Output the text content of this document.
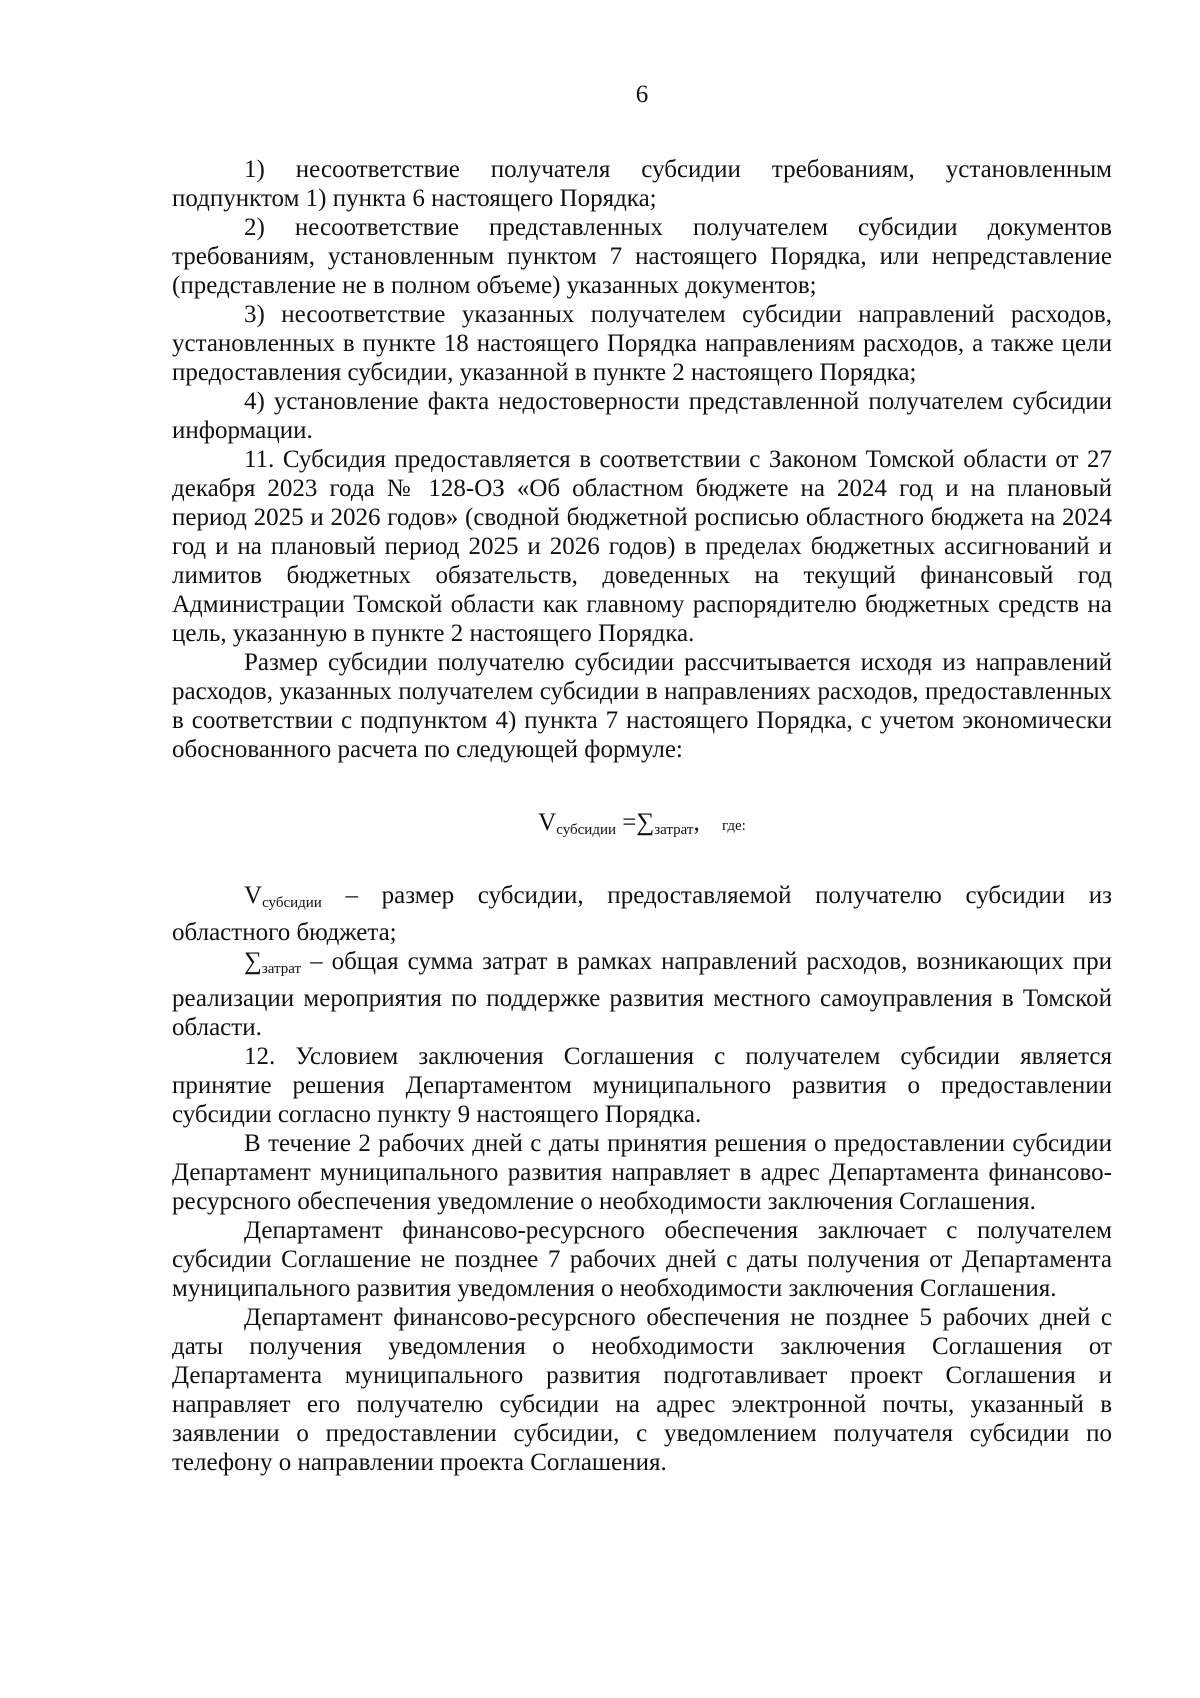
6

1) несоответствие получателя субсидии требованиям, установленным подпунктом 1) пункта 6 настоящего Порядка;

2) несоответствие представленных получателем субсидии документов требованиям, установленным пунктом 7 настоящего Порядка, или непредставление (представление не в полном объеме) указанных документов;

3) несоответствие указанных получателем субсидии направлений расходов, установленных в пункте 18 настоящего Порядка направлениям расходов, а также цели предоставления субсидии, указанной в пункте 2 настоящего Порядка;

4) установление факта недостоверности представленной получателем субсидии информации.

11. Субсидия предоставляется в соответствии с Законом Томской области от 27 декабря 2023 года № 128-ОЗ «Об областном бюджете на 2024 год и на плановый период 2025 и 2026 годов» (сводной бюджетной росписью областного бюджета на 2024 год и на плановый период 2025 и 2026 годов) в пределах бюджетных ассигнований и лимитов бюджетных обязательств, доведенных на текущий финансовый год Администрации Томской области как главному распорядителю бюджетных средств на цель, указанную в пункте 2 настоящего Порядка.

Размер субсидии получателю субсидии рассчитывается исходя из направлений расходов, указанных получателем субсидии в направлениях расходов, предоставленных в соответствии с подпунктом 4) пункта 7 настоящего Порядка, с учетом экономически обоснованного расчета по следующей формуле:

$V_{субсидии} =\sum_{затрат}$, где:

$V_{субсидии}$ – размер субсидии, предоставляемой получателю субсидии из областного бюджета;

$\sum_{затрат}$ – общая сумма затрат в рамках направлений расходов, возникающих при реализации мероприятия по поддержке развития местного самоуправления в Томской области.

12. Условием заключения Соглашения с получателем субсидии является принятие решения Департаментом муниципального развития о предоставлении субсидии согласно пункту 9 настоящего Порядка.

В течение 2 рабочих дней с даты принятия решения о предоставлении субсидии Департамент муниципального развития направляет в адрес Департамента финансово-ресурсного обеспечения уведомление о необходимости заключения Соглашения.

Департамент финансово-ресурсного обеспечения заключает с получателем субсидии Соглашение не позднее 7 рабочих дней с даты получения от Департамента муниципального развития уведомления о необходимости заключения Соглашения.

Департамент финансово-ресурсного обеспечения не позднее 5 рабочих дней с даты получения уведомления о необходимости заключения Соглашения от Департамента муниципального развития подготавливает проект Соглашения и направляет его получателю субсидии на адрес электронной почты, указанный в заявлении о предоставлении субсидии, с уведомлением получателя субсидии по телефону о направлении проекта Соглашения.
